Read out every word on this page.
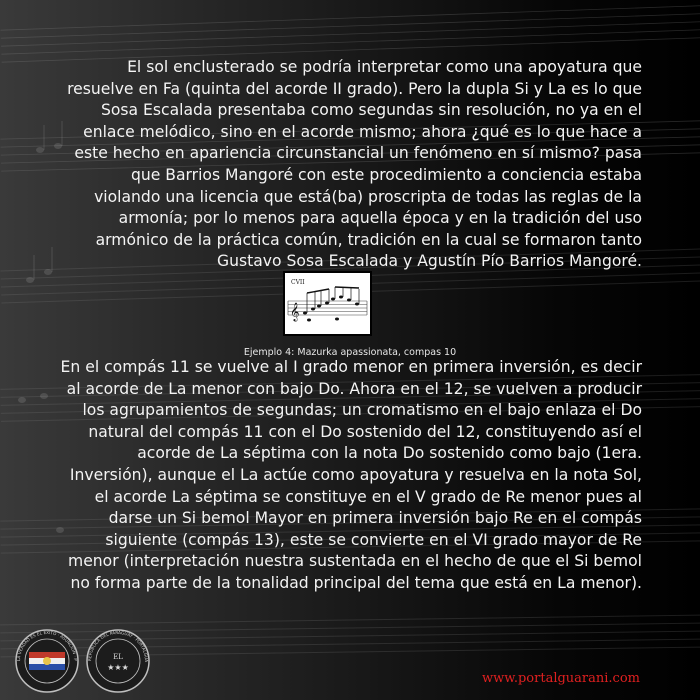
El sol enclusterado se podría interpretar como una apoyatura que resuelve en Fa (quinta del acorde II grado). Pero la dupla Si y La es lo que Sosa Escalada presentaba como segundas sin resolución, no ya en el enlace melódico, sino en el acorde mismo; ahora ¿qué es lo que hace a este hecho en apariencia circunstancial un fenómeno en sí mismo? pasa que Barrios Mangoré con este procedimiento a conciencia estaba violando una licencia que está(ba) proscripta de todas las reglas de la armonía; por lo menos para aquella época y en la tradición del uso armónico de la práctica común, tradición en la cual se formaron tanto Gustavo Sosa Escalada y Agustín Pío Barrios Mangoré.

CVII
𝄞
Ejemplo 4: Mazurka apassionata, compas 10

En el compás 11 se vuelve al I grado menor en primera inversión, es decir al acorde de La menor con bajo Do. Ahora en el 12, se vuelven a producir los agrupamientos de segundas; un cromatismo en el bajo enlaza el Do natural del compás 11 con el Do sostenido del 12, constituyendo así el acorde de La séptima con la nota Do sostenido como bajo (1era. Inversión), aunque el La actúe como apoyatura y resuelva en la nota Sol, el acorde La séptima se constituye en el V grado de Re menor pues al darse un Si bemol Mayor en primera inversión bajo Re en el compás siguiente (compás 13), este se convierte en el VI grado mayor de Re menor (interpretación nuestra sustentada en el hecho de que el Si bemol no forma parte de la tonalidad principal del tema que está en La menor).

LA VERDAD ES EL EXITO · ASUNCION · P	EL
★★★
REPUBLICA DEL PARAGUAY · PORTALGUA
www.portalguarani.com
